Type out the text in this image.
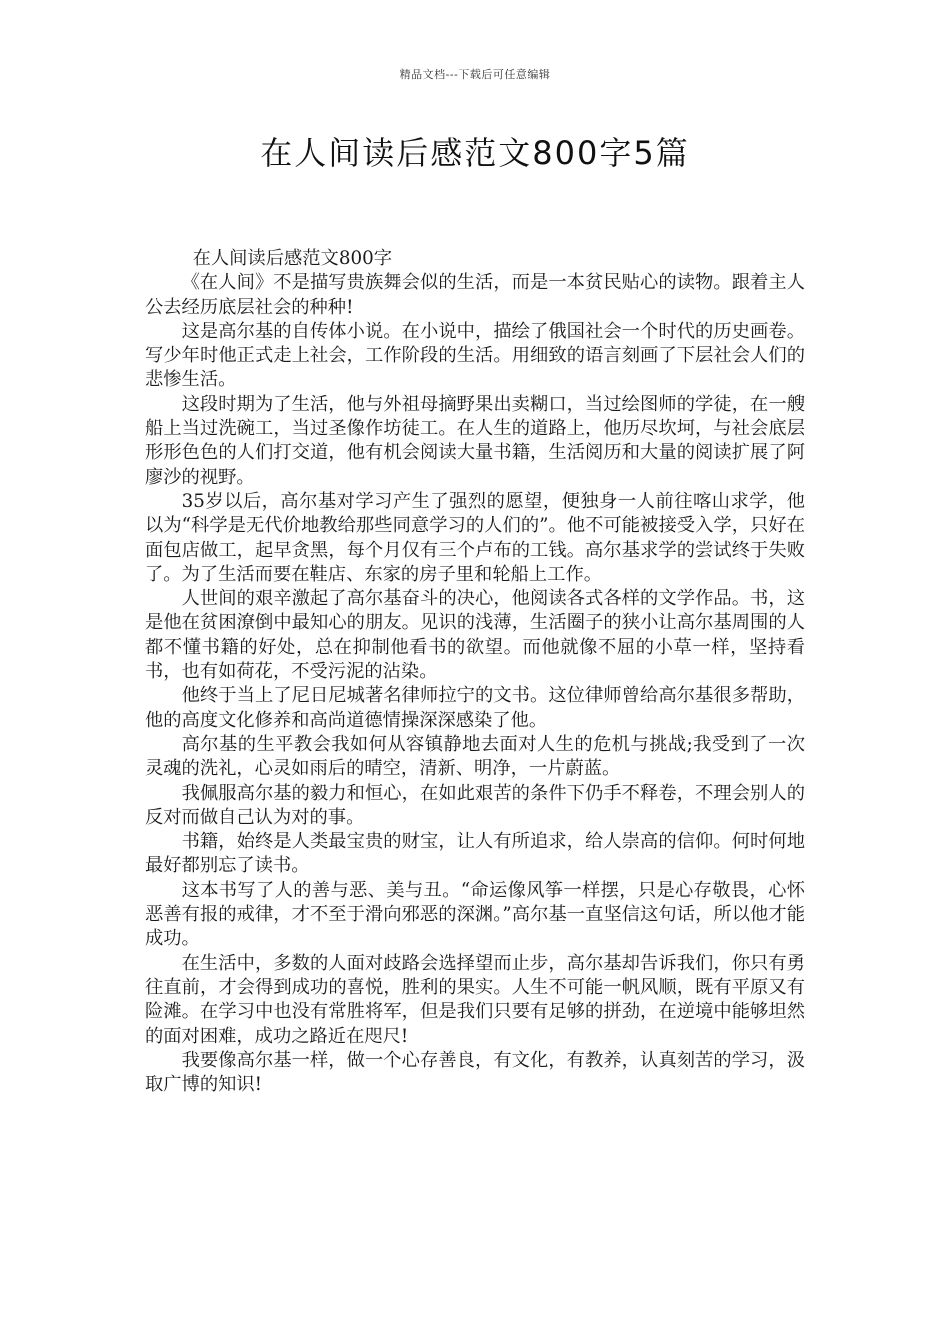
精品文档---下载后可任意编辑
在人间读后感范文800字5篇

在人间读后感范文800字

《在人间》不是描写贵族舞会似的生活，而是一本贫民贴心的读物。跟着主人公去经历底层社会的种种!

这是高尔基的自传体小说。在小说中，描绘了俄国社会一个时代的历史画卷。写少年时他正式走上社会，工作阶段的生活。用细致的语言刻画了下层社会人们的悲惨生活。

这段时期为了生活，他与外祖母摘野果出卖糊口，当过绘图师的学徒，在一艘船上当过洗碗工，当过圣像作坊徒工。在人生的道路上，他历尽坎坷，与社会底层形形色色的人们打交道，他有机会阅读大量书籍，生活阅历和大量的阅读扩展了阿廖沙的视野。

35岁以后，高尔基对学习产生了强烈的愿望，便独身一人前往喀山求学，他以为“科学是无代价地教给那些同意学习的人们的”。他不可能被接受入学，只好在面包店做工，起早贪黑，每个月仅有三个卢布的工钱。高尔基求学的尝试终于失败了。为了生活而要在鞋店、东家的房子里和轮船上工作。

人世间的艰辛激起了高尔基奋斗的决心，他阅读各式各样的文学作品。书，这是他在贫困潦倒中最知心的朋友。见识的浅薄，生活圈子的狭小让高尔基周围的人都不懂书籍的好处，总在抑制他看书的欲望。而他就像不屈的小草一样，坚持看书，也有如荷花，不受污泥的沾染。

他终于当上了尼日尼城著名律师拉宁的文书。这位律师曾给高尔基很多帮助，他的高度文化修养和高尚道德情操深深感染了他。

高尔基的生平教会我如何从容镇静地去面对人生的危机与挑战;我受到了一次灵魂的洗礼，心灵如雨后的晴空，清新、明净，一片蔚蓝。

我佩服高尔基的毅力和恒心，在如此艰苦的条件下仍手不释卷，不理会别人的反对而做自己认为对的事。

书籍，始终是人类最宝贵的财宝，让人有所追求，给人崇高的信仰。何时何地最好都别忘了读书。

这本书写了人的善与恶、美与丑。“命运像风筝一样摆，只是心存敬畏，心怀恶善有报的戒律，才不至于滑向邪恶的深渊。”高尔基一直坚信这句话，所以他才能成功。

在生活中，多数的人面对歧路会选择望而止步，高尔基却告诉我们，你只有勇往直前，才会得到成功的喜悦，胜利的果实。人生不可能一帆风顺，既有平原又有险滩。在学习中也没有常胜将军，但是我们只要有足够的拼劲，在逆境中能够坦然的面对困难，成功之路近在咫尺!

我要像高尔基一样，做一个心存善良，有文化，有教养，认真刻苦的学习，汲取广博的知识!
